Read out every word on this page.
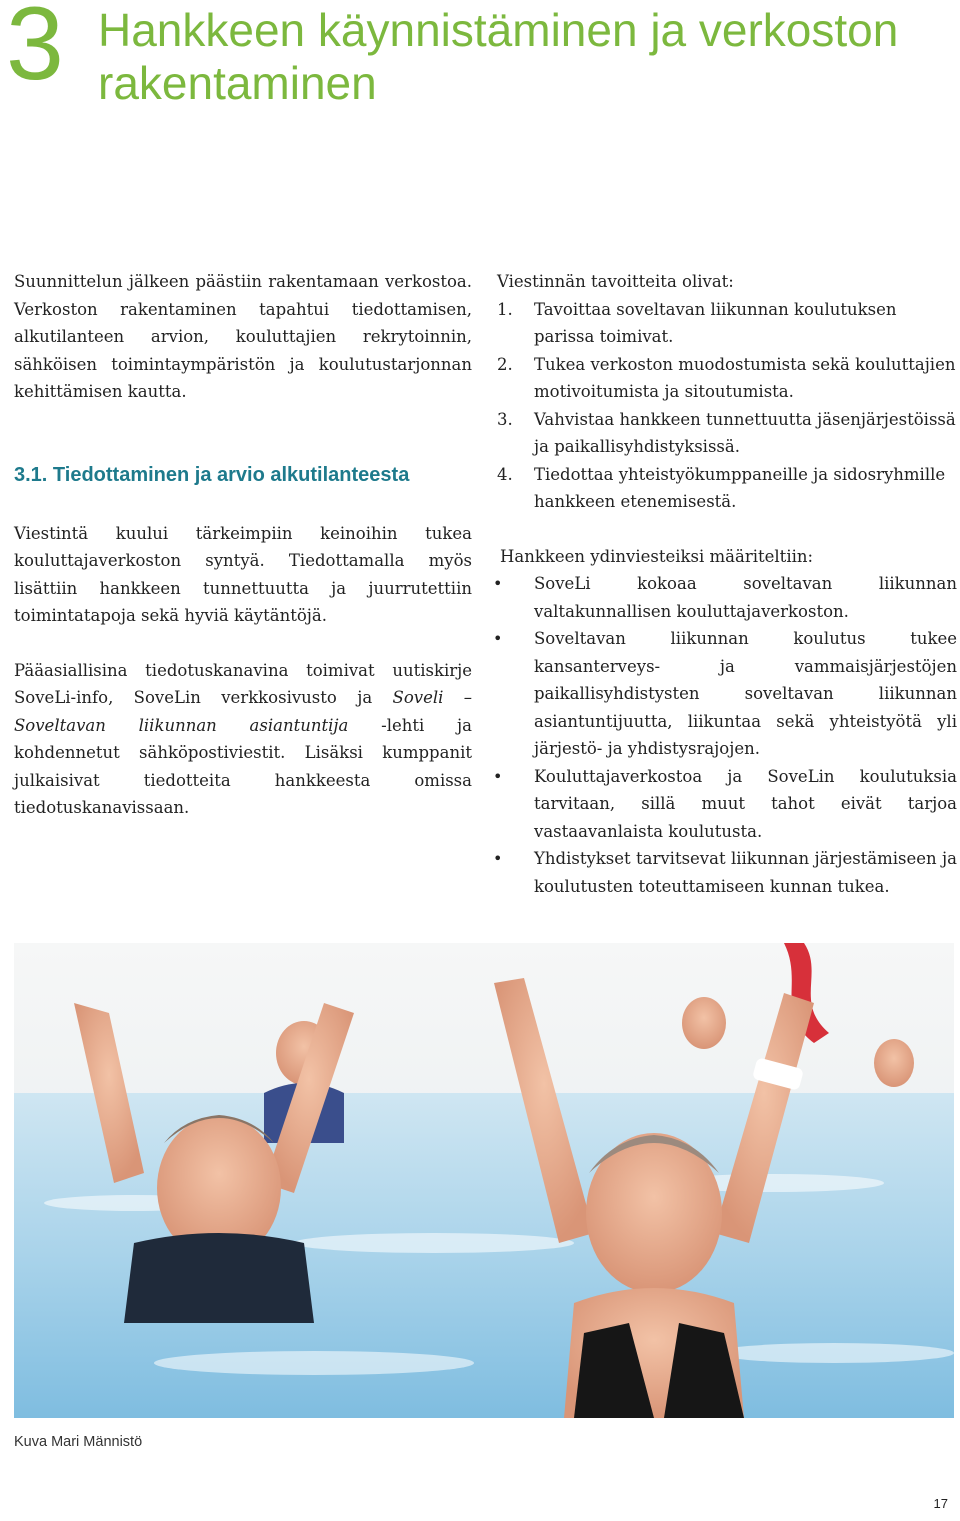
3 Hankkeen käynnistäminen ja verkoston rakentaminen

Suunnittelun jälkeen päästiin rakentamaan verkostoa. Verkoston rakentaminen tapahtui tiedottamisen, alkutilanteen arvion, kouluttajien rekrytoinnin, sähköisen toimintaympäristön ja koulutustarjonnan kehittämisen kautta.

3.1. Tiedottaminen ja arvio alkutilanteesta

Viestintä kuului tärkeimpiin keinoihin tukea kouluttajaverkoston syntyä. Tiedottamalla myös lisättiin hankkeen tunnettuutta ja juurrutettiin toimintatapoja sekä hyviä käytäntöjä.

Pääasiallisina tiedotuskanavina toimivat uutiskirje SoveLi-info, SoveLin verkkosivusto ja Soveli – Soveltavan liikunnan asiantuntija -lehti ja kohdennetut sähköpostiviestit. Lisäksi kumppanit julkaisivat tiedotteita hankkeesta omissa tiedotuskanavissaan.

Viestinnän tavoitteita olivat:

1. Tavoittaa soveltavan liikunnan koulutuksen parissa toimivat.
2. Tukea verkoston muodostumista sekä kouluttajien motivoitumista ja sitoutumista.
3. Vahvistaa hankkeen tunnettuutta jäsenjärjestöissä ja paikallisyhdistyksissä.
4. Tiedottaa yhteistyökumppaneille ja sidosryhmille hankkeen etenemisestä.

Hankkeen ydinviesteiksi määriteltiin:

• SoveLi kokoaa soveltavan liikunnan valtakunnallisen kouluttajaverkoston.
• Soveltavan liikunnan koulutus tukee kansanterveys- ja vammaisjärjestöjen paikallisyhdistysten soveltavan liikunnan asiantuntijuutta, liikuntaa sekä yhteistyötä yli järjestö- ja yhdistysrajojen.
• Kouluttajaverkostoa ja SoveLin koulutuksia tarvitaan, sillä muut tahot eivät tarjoa vastaavanlaista koulutusta.
• Yhdistykset tarvitsevat liikunnan järjestämiseen ja koulutusten toteuttamiseen kunnan tukea.
Kuva Mari Männistö
17
